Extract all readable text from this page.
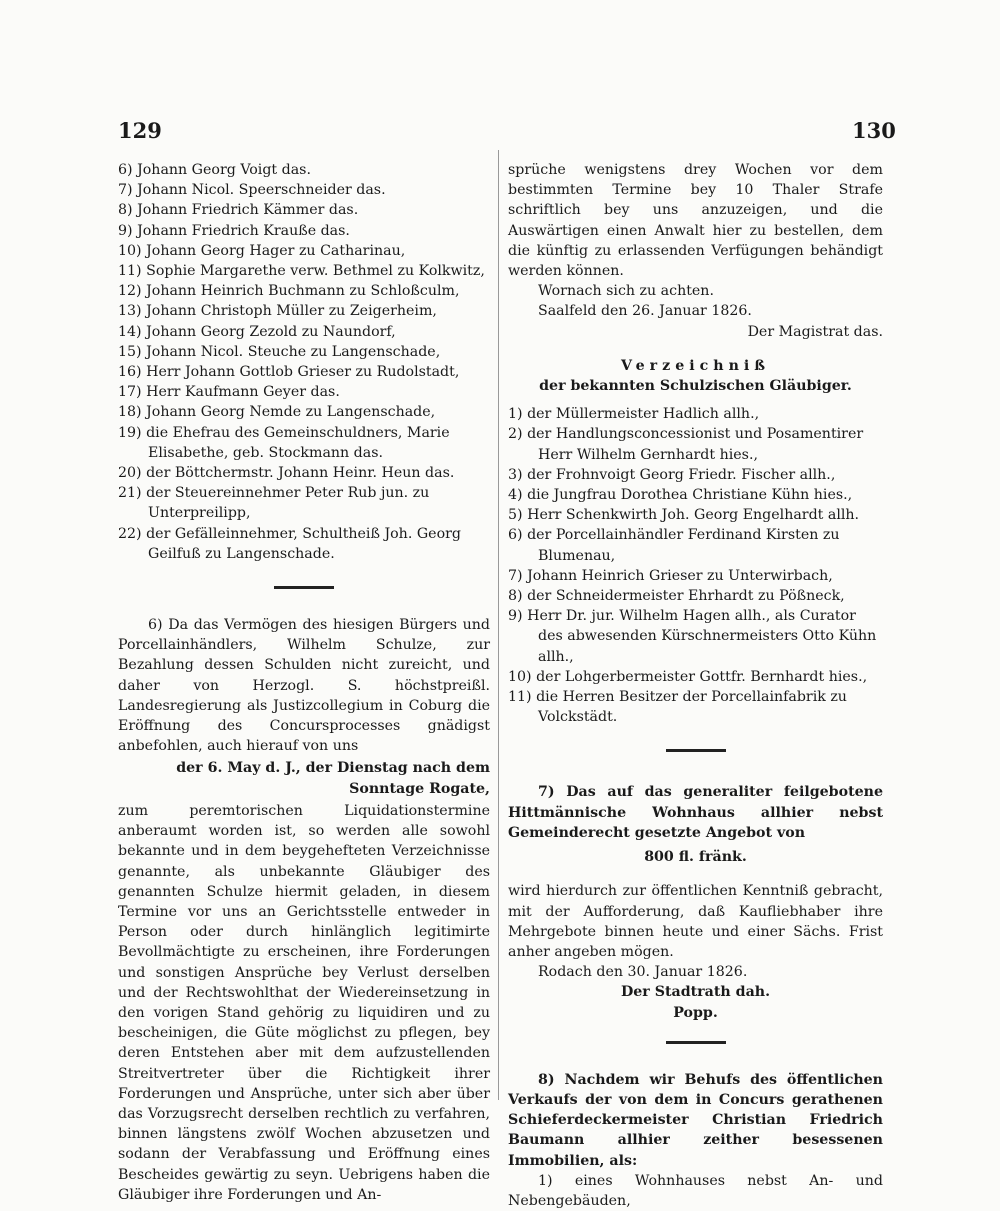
129	130
6) Johann Georg Voigt das.
7) Johann Nicol. Speerschneider das.
8) Johann Friedrich Kämmer das.
9) Johann Friedrich Krauße das.
10) Johann Georg Hager zu Catharinau,
11) Sophie Margarethe verw. Bethmel zu Kolkwitz,
12) Johann Heinrich Buchmann zu Schloßculm,
13) Johann Christoph Müller zu Zeigerheim,
14) Johann Georg Zezold zu Naundorf,
15) Johann Nicol. Steuche zu Langenschade,
16) Herr Johann Gottlob Grieser zu Rudolstadt,
17) Herr Kaufmann Geyer das.
18) Johann Georg Nemde zu Langenschade,
19) die Ehefrau des Gemeinschuldners, Marie Elisabethe, geb. Stockmann das.
20) der Böttchermstr. Johann Heinr. Heun das.
21) der Steuereinnehmer Peter Rub jun. zu Unterpreilipp,
22) der Gefälleinnehmer, Schultheiß Joh. Georg Geilfuß zu Langenschade.

6) Da das Vermögen des hiesigen Bürgers und Porcellainhändlers, Wilhelm Schulze, zur Bezahlung dessen Schulden nicht zureicht, und daher von Herzogl. S. höchstpreißl. Landesregierung als Justizcollegium in Coburg die Eröffnung des Concursprocesses gnädigst anbefohlen, auch hierauf von uns

der 6. May d. J., der Dienstag nach dem Sonntage Rogate,

zum peremtorischen Liquidationstermine anberaumt worden ist, so werden alle sowohl bekannte und in dem beygehefteten Verzeichnisse genannte, als unbekannte Gläubiger des genannten Schulze hiermit geladen, in diesem Termine vor uns an Gerichtsstelle entweder in Person oder durch hinlänglich legitimirte Bevollmächtigte zu erscheinen, ihre Forderungen und sonstigen Ansprüche bey Verlust derselben und der Rechtswohlthat der Wiedereinsetzung in den vorigen Stand gehörig zu liquidiren und zu bescheinigen, die Güte möglichst zu pflegen, bey deren Entstehen aber mit dem aufzustellenden Streitvertreter über die Richtigkeit ihrer Forderungen und Ansprüche, unter sich aber über das Vorzugsrecht derselben rechtlich zu verfahren, binnen längstens zwölf Wochen abzusetzen und sodann der Verabfassung und Eröffnung eines Bescheides gewärtig zu seyn. Uebrigens haben die Gläubiger ihre Forderungen und An-

sprüche wenigstens drey Wochen vor dem bestimmten Termine bey 10 Thaler Strafe schriftlich bey uns anzuzeigen, und die Auswärtigen einen Anwalt hier zu bestellen, dem die künftig zu erlassenden Verfügungen behändigt werden können.

Wornach sich zu achten.

Saalfeld den 26. Januar 1826.

Der Magistrat das.

Verzeichniß

der bekannten Schulzischen Gläubiger.

1) der Müllermeister Hadlich allh.,
2) der Handlungsconcessionist und Posamentirer Herr Wilhelm Gernhardt hies.,
3) der Frohnvoigt Georg Friedr. Fischer allh.,
4) die Jungfrau Dorothea Christiane Kühn hies.,
5) Herr Schenkwirth Joh. Georg Engelhardt allh.
6) der Porcellainhändler Ferdinand Kirsten zu Blumenau,
7) Johann Heinrich Grieser zu Unterwirbach,
8) der Schneidermeister Ehrhardt zu Pößneck,
9) Herr Dr. jur. Wilhelm Hagen allh., als Curator des abwesenden Kürschnermeisters Otto Kühn allh.,
10) der Lohgerbermeister Gottfr. Bernhardt hies.,
11) die Herren Besitzer der Porcellainfabrik zu Volckstädt.

7) Das auf das generaliter feilgebotene Hittmännische Wohnhaus allhier nebst Gemeinderecht gesetzte Angebot von

800 fl. fränk.

wird hierdurch zur öffentlichen Kenntniß gebracht, mit der Aufforderung, daß Kaufliebhaber ihre Mehrgebote binnen heute und einer Sächs. Frist anher angeben mögen.

Rodach den 30. Januar 1826.

Der Stadtrath dah.

Popp.

8) Nachdem wir Behufs des öffentlichen Verkaufs der von dem in Concurs gerathenen Schieferdeckermeister Christian Friedrich Baumann allhier zeither besessenen Immobilien, als:

1) eines Wohnhauses nebst An- und Nebengebäuden,
